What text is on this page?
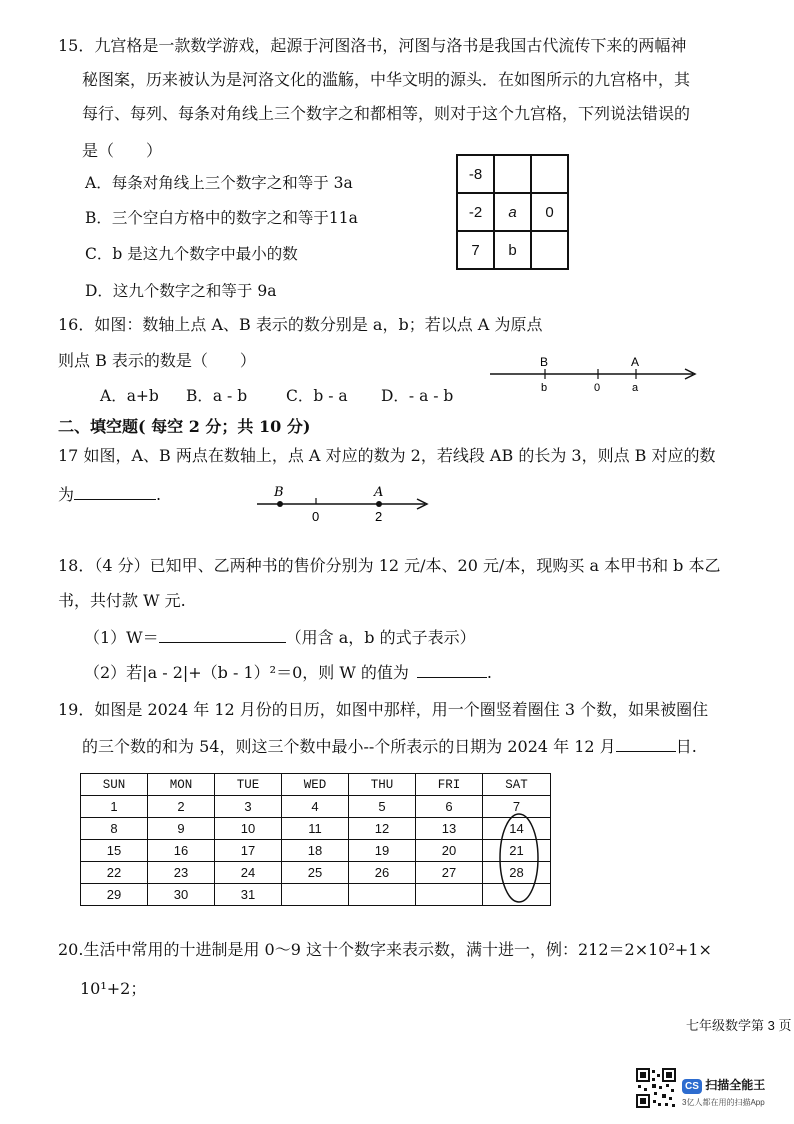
15．九宫格是一款数学游戏，起源于河图洛书，河图与洛书是我国古代流传下来的两幅神
秘图案，历来被认为是河洛文化的滥觞，中华文明的源头．在如图所示的九宫格中，其
每行、每列、每条对角线上三个数字之和都相等，则对于这个九宫格，下列说法错误的
是（　　）
A．每条对角线上三个数字之和等于 3a
B．三个空白方格中的数字之和等于11a
C．b 是这九个数字中最小的数
D．这九个数字之和等于 9a
-8		
-2	a	0
7	b	
16．如图：数轴上点 A、B 表示的数分别是 a，b；若以点 A 为原点
则点 B 表示的数是（　　）
A．a+b B．a - b	C．b - a D．- a - b
B	A
b	0	a
二、填空题( 每空 2 分；共 10 分)
17 如图，A、B 两点在数轴上，点 A 对应的数为 2，若线段 AB 的长为 3，则点 B 对应的数
为	.	B	A
0	2
18．（4 分）已知甲、乙两种书的售价分别为 12 元/本、20 元/本，现购买 a 本甲书和 b 本乙
书，共付款 W 元.
（1）W＝	（用含 a，b 的式子表示）
（2）若|a - 2|+（b - 1）²＝0，则 W 的值为	.
19．如图是 2024 年 12 月份的日历，如图中那样，用一个圈竖着圈住 3 个数，如果被圈住
的三个数的和为 54，则这三个数中最小--个所表示的日期为 2024 年 12 月	日.
SUN	MON	TUE	WED	THU	FRI	SAT
1	2	3	4	5	6	7
8	9	10	11	12	13	14
15	16	17	18	19	20	21
22	23	24	25	26	27	28
29	30	31				
20.生活中常用的十进制是用 0～9 这十个数字来表示数，满十进一，例：212＝2×10²+1×
10¹+2；
七年级数学第 3 页
CS 扫描全能王
3亿人都在用的扫描App
